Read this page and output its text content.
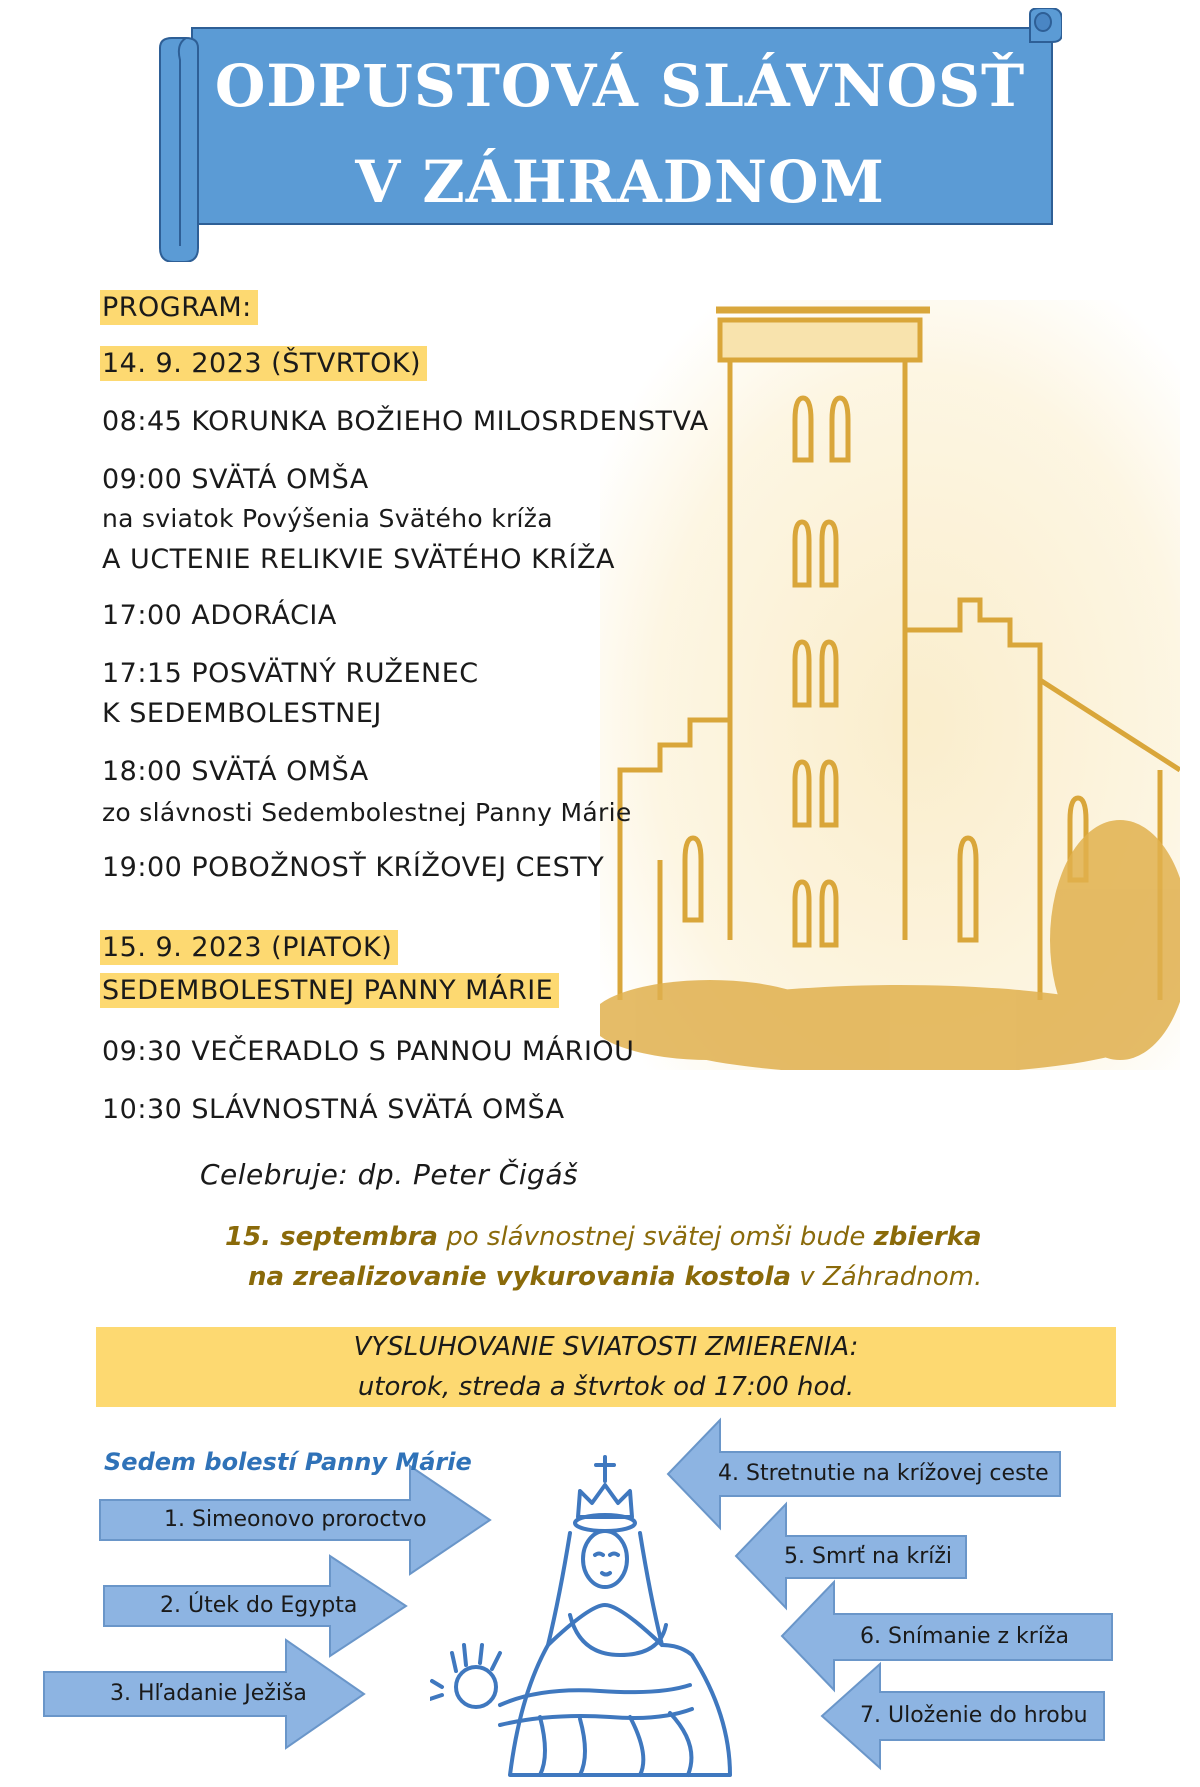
ODPUSTOVÁ SLÁVNOSŤ
V ZÁHRADNOM
PROGRAM:
14. 9. 2023 (ŠTVRTOK)
08:45 KORUNKA BOŽIEHO MILOSRDENSTVA
09:00 SVÄTÁ OMŠA
na sviatok Povýšenia Svätého kríža
A UCTENIE RELIKVIE SVÄTÉHO KRÍŽA
17:00 ADORÁCIA
17:15 POSVÄTNÝ RUŽENEC
K SEDEMBOLESTNEJ
18:00 SVÄTÁ OMŠA
zo slávnosti Sedembolestnej Panny Márie
19:00 POBOŽNOSŤ KRÍŽOVEJ CESTY
15. 9. 2023 (PIATOK)
SEDEMBOLESTNEJ PANNY MÁRIE
09:30 VEČERADLO S PANNOU MÁRIOU
10:30 SLÁVNOSTNÁ SVÄTÁ OMŠA
Celebruje: dp. Peter Čigáš
15. septembra po slávnostnej svätej omši bude zbierka
na zrealizovanie vykurovania kostola v Záhradnom.
VYSLUHOVANIE SVIATOSTI ZMIERENIA:
utorok, streda a štvrtok od 17:00 hod.
Sedem bolestí Panny Márie
1. Simeonovo proroctvo
2. Útek do Egypta
3. Hľadanie Ježiša
4. Stretnutie na krížovej ceste
5. Smrť na kríži
6. Snímanie z kríža
7. Uloženie do hrobu
